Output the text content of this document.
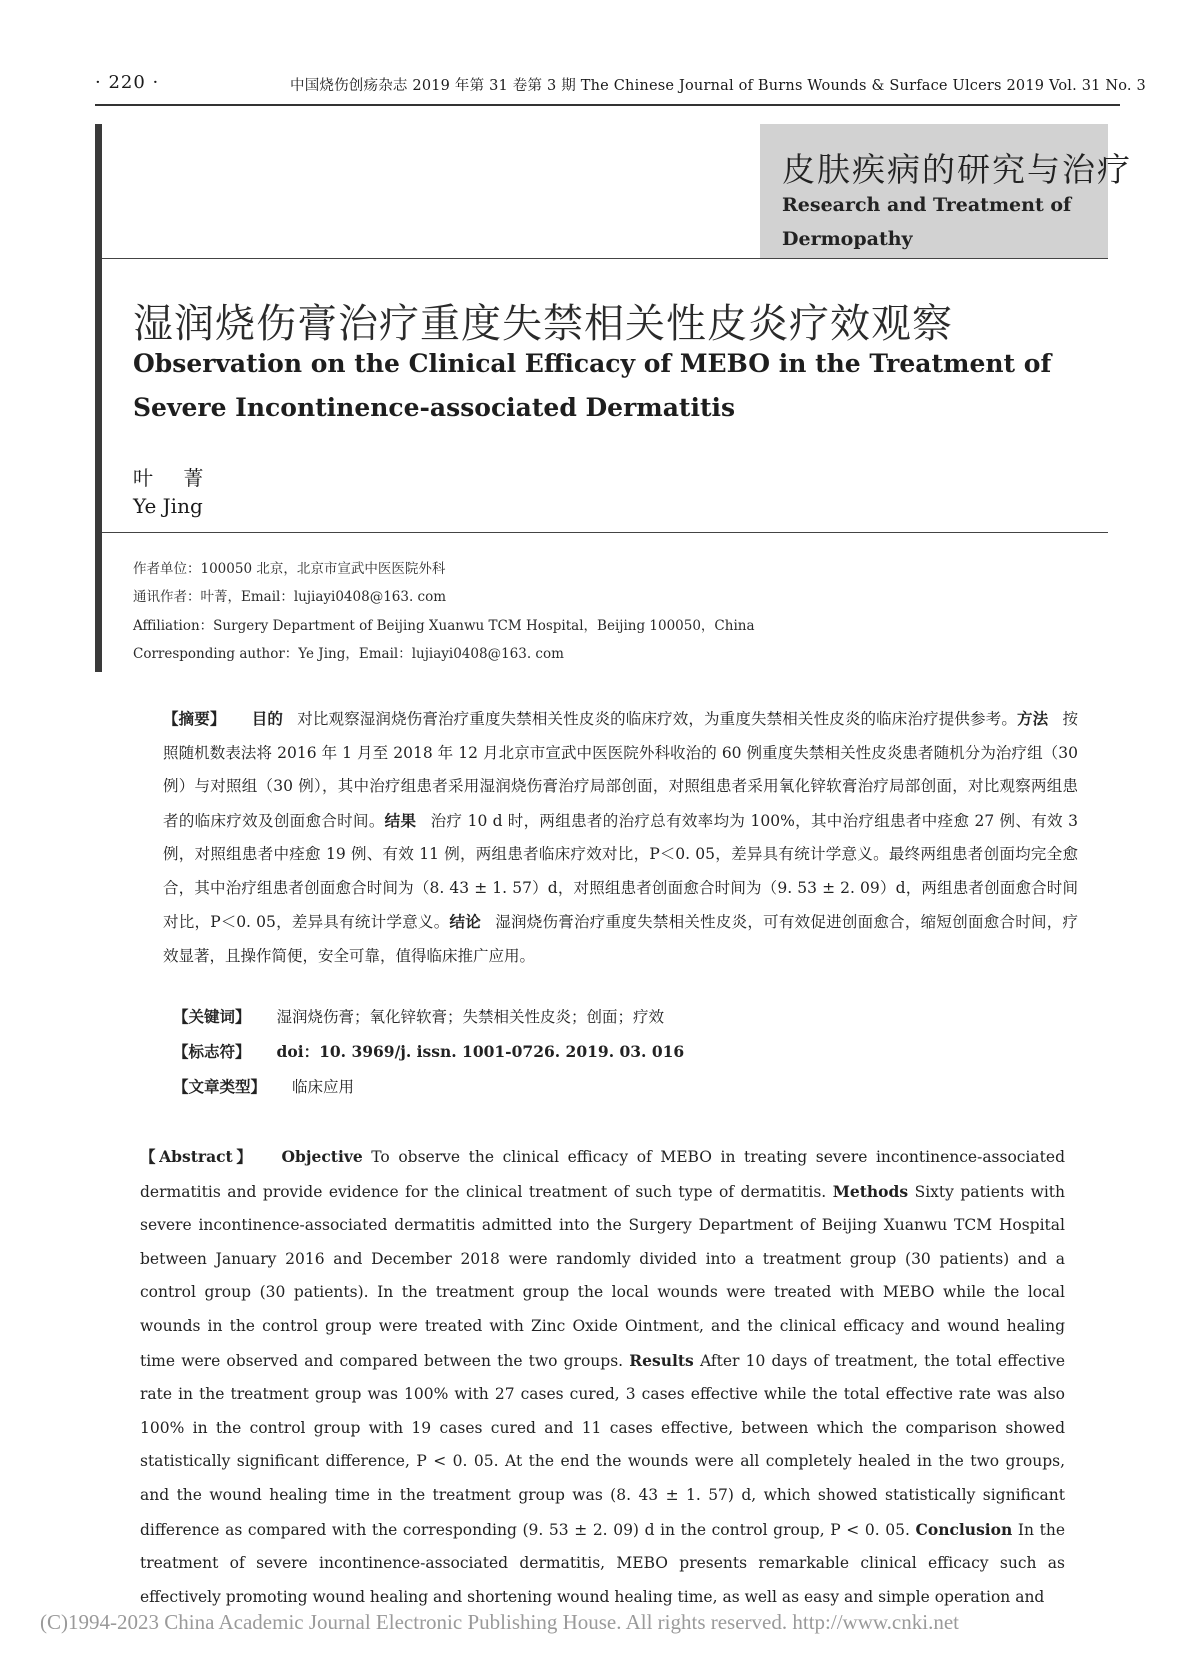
· 220 ·	中国烧伤创疡杂志 2019 年第 31 卷第 3 期 The Chinese Journal of Burns Wounds & Surface Ulcers 2019 Vol. 31 No. 3
皮肤疾病的研究与治疗
Research and Treatment of Dermopathy
湿润烧伤膏治疗重度失禁相关性皮炎疗效观察
Observation on the Clinical Efficacy of MEBO in the Treatment of Severe Incontinence-associated Dermatitis
叶 菁
Ye Jing
作者单位：100050 北京，北京市宣武中医医院外科
通讯作者：叶菁，Email：lujiayi0408@163. com
Affiliation：Surgery Department of Beijing Xuanwu TCM Hospital，Beijing 100050，China
Corresponding author：Ye Jing，Email：lujiayi0408@163. com
【摘要】 目的 对比观察湿润烧伤膏治疗重度失禁相关性皮炎的临床疗效，为重度失禁相关性皮炎的临床治疗提供参考。方法 按照随机数表法将 2016 年 1 月至 2018 年 12 月北京市宣武中医医院外科收治的 60 例重度失禁相关性皮炎患者随机分为治疗组（30 例）与对照组（30 例），其中治疗组患者采用湿润烧伤膏治疗局部创面，对照组患者采用氧化锌软膏治疗局部创面，对比观察两组患者的临床疗效及创面愈合时间。结果 治疗 10 d 时，两组患者的治疗总有效率均为 100%，其中治疗组患者中痊愈 27 例、有效 3 例，对照组患者中痊愈 19 例、有效 11 例，两组患者临床疗效对比，P＜0. 05，差异具有统计学意义。最终两组患者创面均完全愈合，其中治疗组患者创面愈合时间为（8. 43 ± 1. 57）d，对照组患者创面愈合时间为（9. 53 ± 2. 09）d，两组患者创面愈合时间对比，P＜0. 05，差异具有统计学意义。结论 湿润烧伤膏治疗重度失禁相关性皮炎，可有效促进创面愈合，缩短创面愈合时间，疗效显著，且操作简便，安全可靠，值得临床推广应用。
【关键词】 湿润烧伤膏；氧化锌软膏；失禁相关性皮炎；创面；疗效
【标志符】 doi：10. 3969/j. issn. 1001-0726. 2019. 03. 016
【文章类型】 临床应用
【Abstract】 Objective To observe the clinical efficacy of MEBO in treating severe incontinence-associated dermatitis and provide evidence for the clinical treatment of such type of dermatitis. Methods Sixty patients with severe incontinence-associated dermatitis admitted into the Surgery Department of Beijing Xuanwu TCM Hospital between January 2016 and December 2018 were randomly divided into a treatment group (30 patients) and a control group (30 patients). In the treatment group the local wounds were treated with MEBO while the local wounds in the control group were treated with Zinc Oxide Ointment, and the clinical efficacy and wound healing time were observed and compared between the two groups. Results After 10 days of treatment, the total effective rate in the treatment group was 100% with 27 cases cured, 3 cases effective while the total effective rate was also 100% in the control group with 19 cases cured and 11 cases effective, between which the comparison showed statistically significant difference, P < 0. 05. At the end the wounds were all completely healed in the two groups, and the wound healing time in the treatment group was (8. 43 ± 1. 57) d, which showed statistically significant difference as compared with the corresponding (9. 53 ± 2. 09) d in the control group, P < 0. 05. Conclusion In the treatment of severe incontinence-associated dermatitis, MEBO presents remarkable clinical efficacy such as effectively promoting wound healing and shortening wound healing time, as well as easy and simple operation and
(C)1994-2023 China Academic Journal Electronic Publishing House. All rights reserved. http://www.cnki.net
